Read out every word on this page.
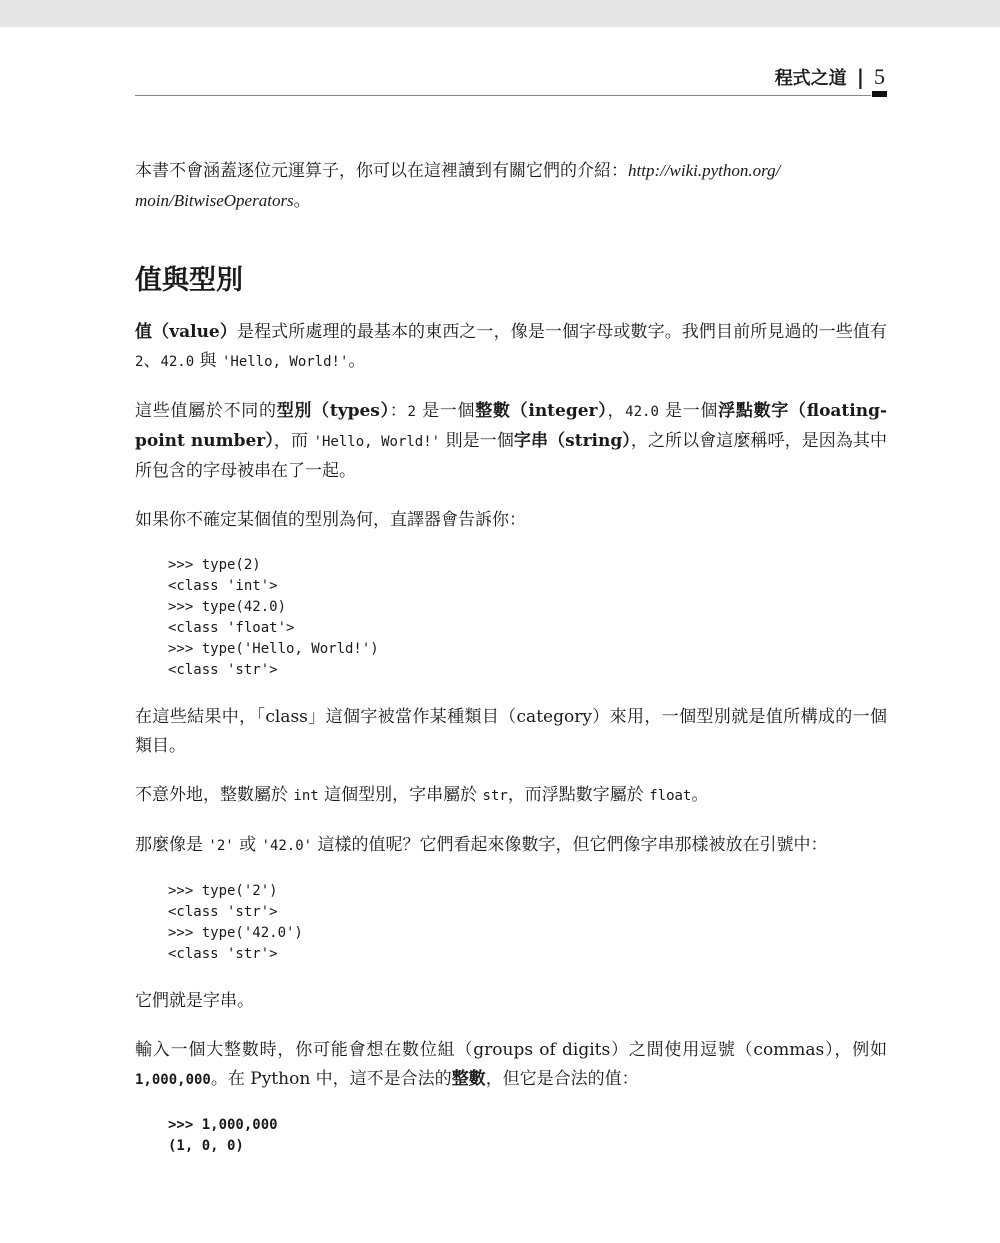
程式之道 | 5

本書不會涵蓋逐位元運算子，你可以在這裡讀到有關它們的介紹：http://wiki.python.org/
moin/BitwiseOperators。

值與型別

值（value）是程式所處理的最基本的東西之一，像是一個字母或數字。我們目前所見過的一些值有 2、42.0 與 'Hello, World!'。

這些值屬於不同的型別（types）：2 是一個整數（integer），42.0 是一個浮點數字（floating-point number），而 'Hello, World!' 則是一個字串（string），之所以會這麼稱呼，是因為其中所包含的字母被串在了一起。

如果你不確定某個值的型別為何，直譯器會告訴你：

>>> type(2)
<class 'int'>
>>> type(42.0)
<class 'float'>
>>> type('Hello, World!')
<class 'str'>

在這些結果中，「class」這個字被當作某種類目（category）來用，一個型別就是值所構成的一個類目。

不意外地，整數屬於 int 這個型別，字串屬於 str，而浮點數字屬於 float。

那麼像是 '2' 或 '42.0' 這樣的值呢？它們看起來像數字，但它們像字串那樣被放在引號中：

>>> type('2')
<class 'str'>
>>> type('42.0')
<class 'str'>

它們就是字串。

輸入一個大整數時，你可能會想在數位組（groups of digits）之間使用逗號（commas），例如 1,000,000。在 Python 中，這不是合法的整數，但它是合法的值：

>>> 1,000,000
(1, 0, 0)
